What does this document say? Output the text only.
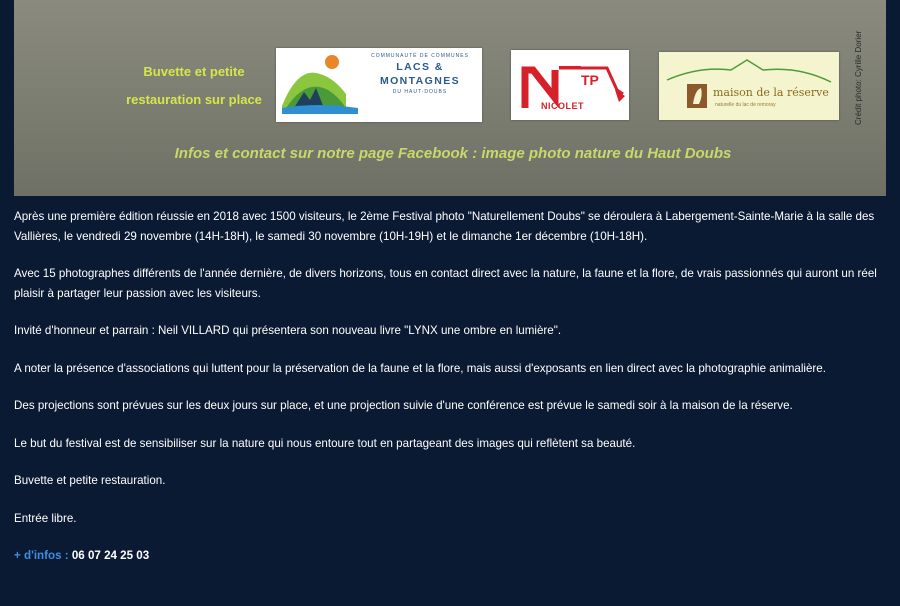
Buvette et petite
restauration sur place
COMMUNAUTÉ DE COMMUNES
LACS &
MONTAGNES
DU HAUT-DOUBS
TP
NICOLET
maison de la réserve
naturelle du lac de remoray
Infos et contact sur notre page Facebook : image photo nature du Haut Doubs
Crédit photo: Cyrille Dorier

Après une première édition réussie en 2018 avec 1500 visiteurs, le 2ème Festival photo "Naturellement Doubs" se déroulera à Labergement-Sainte-Marie à la salle des Vallières, le vendredi 29 novembre (14H-18H), le samedi 30 novembre (10H-19H) et le dimanche 1er décembre (10H-18H).

Avec 15 photographes différents de l'année dernière, de divers horizons, tous en contact direct avec la nature, la faune et la flore, de vrais passionnés qui auront un réel plaisir à partager leur passion avec les visiteurs.

Invité d'honneur et parrain : Neil VILLARD qui présentera son nouveau livre "LYNX une ombre en lumière".

A noter la présence d'associations qui luttent pour la préservation de la faune et la flore, mais aussi d'exposants en lien direct avec la photographie animalière.

Des projections sont prévues sur les deux jours sur place, et une projection suivie d'une conférence est prévue le samedi soir à la maison de la réserve.

Le but du festival est de sensibiliser sur la nature qui nous entoure tout en partageant des images qui reflètent sa beauté.

Buvette et petite restauration.

Entrée libre.

+ d'infos : 06 07 24 25 03
